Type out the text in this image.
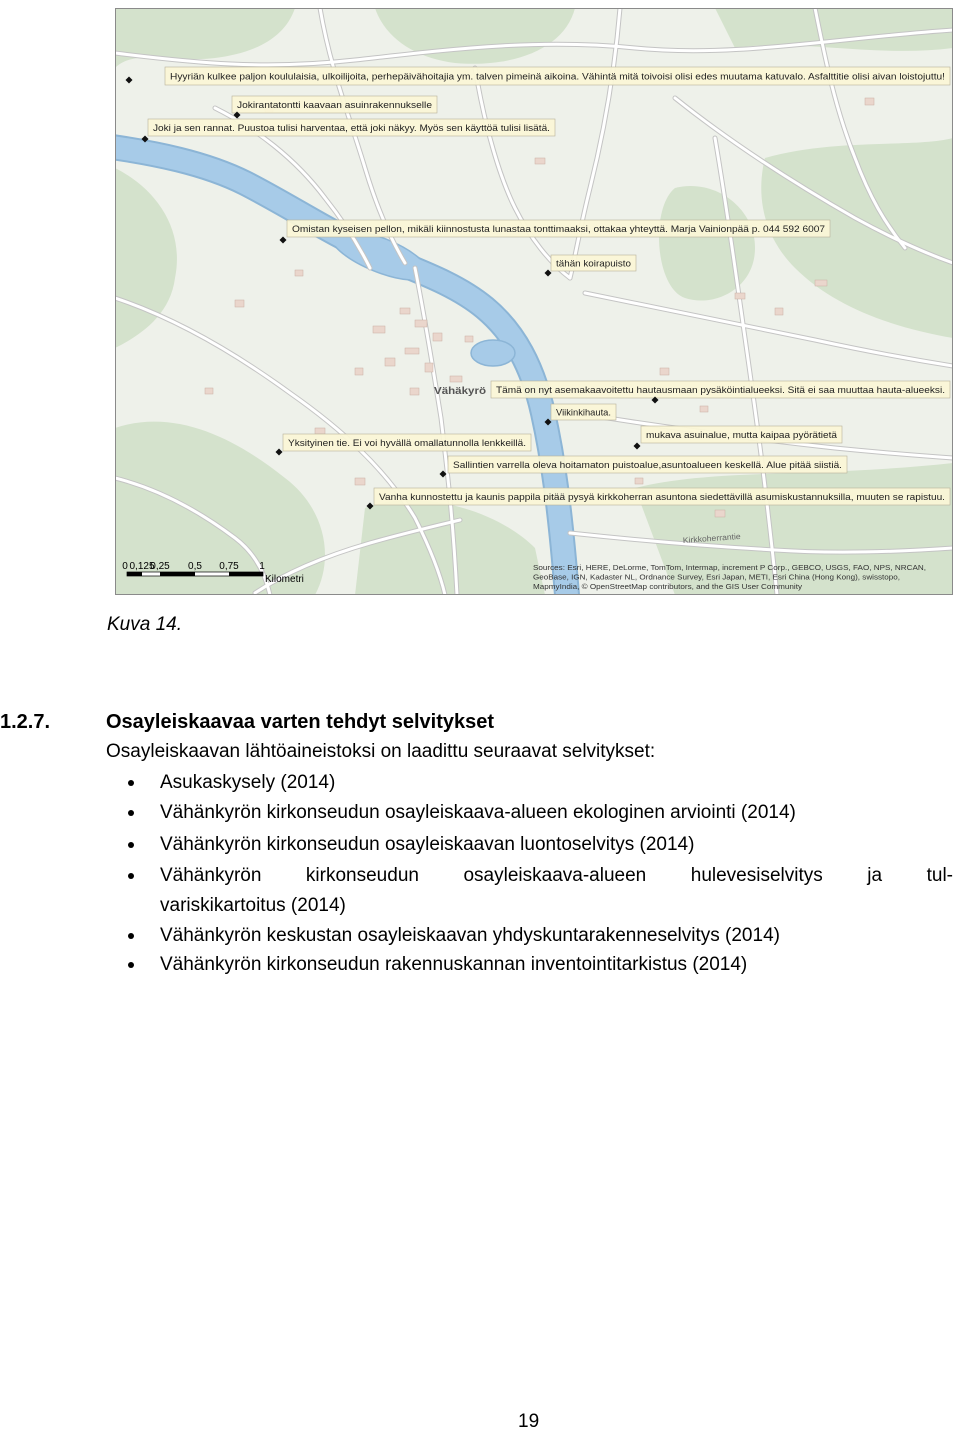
Vähäkyrö
Kirkkoherrantie
Hyyriän kulkee paljon koululaisia, ulkoilijoita, perhepäivähoitajia ym. talven pimeinä aikoina. Vähintä mitä toivoisi olisi edes muutama katuvalo. Asfalttitie olisi aivan loistojuttu!
Jokirantatontti kaavaan asuinrakennukselle
Joki ja sen rannat. Puustoa tulisi harventaa, että joki näkyy. Myös sen käyttöä tulisi lisätä.
Omistan kyseisen pellon, mikäli kiinnostusta lunastaa tonttimaaksi, ottakaa yhteyttä. Marja Vainionpää p. 044 592 6007
tähän koirapuisto
Tämä on nyt asemakaavoitettu hautausmaan pysäköintialueeksi. Sitä ei saa muuttaa hauta-alueeksi.
Viikinkihauta.
mukava asuinalue, mutta kaipaa pyörätietä
Yksityinen tie. Ei voi hyvällä omallatunnolla lenkkeillä.
Sallintien varrella oleva hoitamaton puistoalue,asuntoalueen keskellä. Alue pitää siistiä.
Vanha kunnostettu ja kaunis pappila pitää pysyä kirkkoherran asuntona siedettävillä asumiskustannuksilla, muuten se rapistuu.
0 0,125
0,25 0,5 0,75 1
Kilometri
Sources: Esri, HERE, DeLorme, TomTom, Intermap, increment P Corp., GEBCO, USGS, FAO, NPS, NRCAN,
GeoBase, IGN, Kadaster NL, Ordnance Survey, Esri Japan, METI, Esri China (Hong Kong), swisstopo,
MapmyIndia, © OpenStreetMap contributors, and the GIS User Community
Kuva 14.
1.2.7.	Osayleiskaavaa varten tehdyt selvitykset
Osayleiskaavan lähtöaineistoksi on laadittu seuraavat selvitykset:
Asukaskysely (2014)
Vähänkyrön kirkonseudun osayleiskaava-alueen ekologinen arviointi (2014)
Vähänkyrön kirkonseudun osayleiskaavan luontoselvitys (2014)
Vähänkyrön kirkonseudun osayleiskaava-alueen hulevesiselvitys ja tul-
variskikartoitus (2014)
Vähänkyrön keskustan osayleiskaavan yhdyskuntarakenneselvitys (2014)
Vähänkyrön kirkonseudun rakennuskannan inventointitarkistus (2014)
19
